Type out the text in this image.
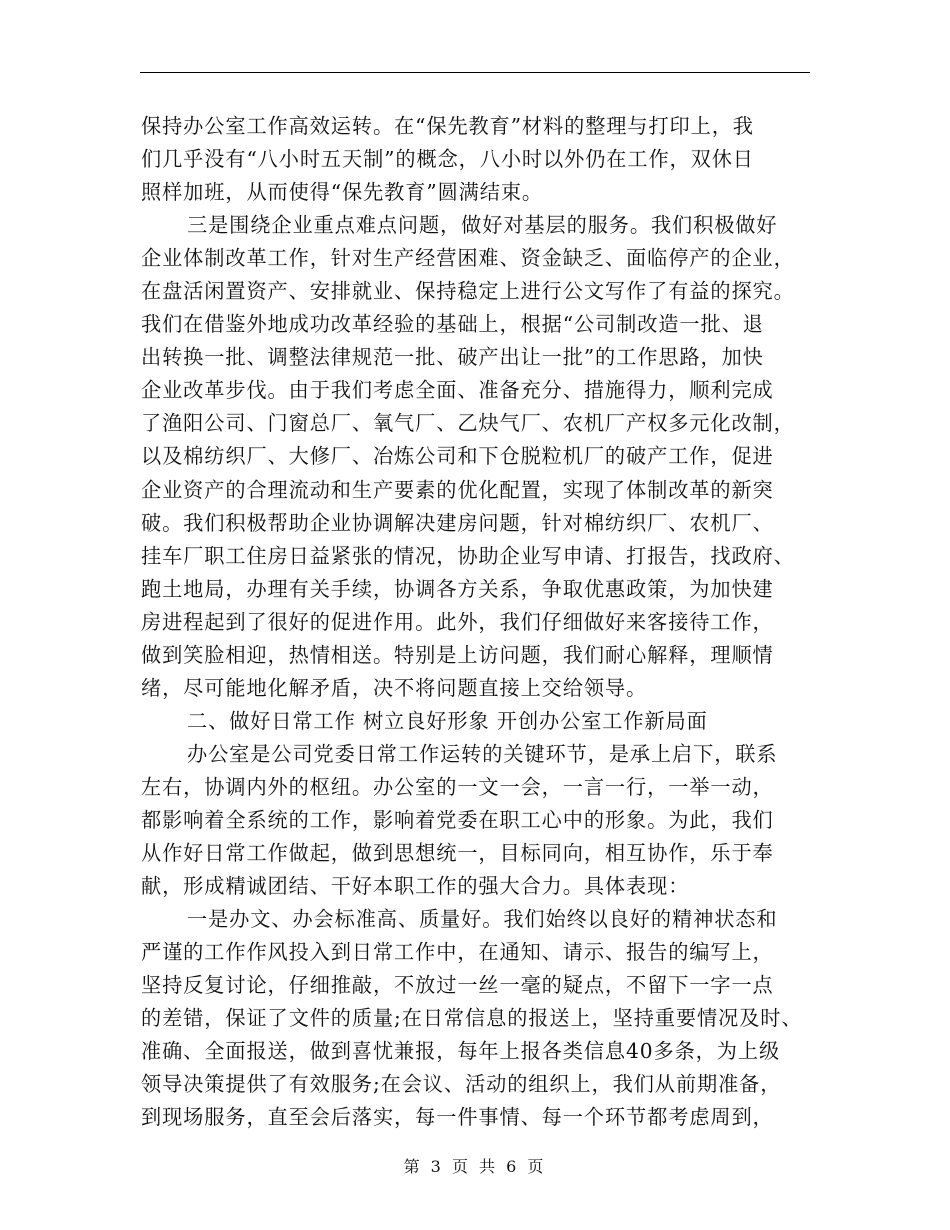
保持办公室工作高效运转。在“保先教育”材料的整理与打印上，我
们几乎没有“八小时五天制”的概念，八小时以外仍在工作，双休日
照样加班，从而使得“保先教育”圆满结束。
三是围绕企业重点难点问题，做好对基层的服务。我们积极做好
企业体制改革工作，针对生产经营困难、资金缺乏、面临停产的企业，
在盘活闲置资产、安排就业、保持稳定上进行公文写作了有益的探究。
我们在借鉴外地成功改革经验的基础上，根据“公司制改造一批、退
出转换一批、调整法律规范一批、破产出让一批”的工作思路，加快
企业改革步伐。由于我们考虑全面、准备充分、措施得力，顺利完成
了渔阳公司、门窗总厂、氧气厂、乙炔气厂、农机厂产权多元化改制，
以及棉纺织厂、大修厂、冶炼公司和下仓脱粒机厂的破产工作，促进
企业资产的合理流动和生产要素的优化配置，实现了体制改革的新突
破。我们积极帮助企业协调解决建房问题，针对棉纺织厂、农机厂、
挂车厂职工住房日益紧张的情况，协助企业写申请、打报告，找政府、
跑土地局，办理有关手续，协调各方关系，争取优惠政策，为加快建
房进程起到了很好的促进作用。此外，我们仔细做好来客接待工作，
做到笑脸相迎，热情相送。特别是上访问题，我们耐心解释，理顺情
绪，尽可能地化解矛盾，决不将问题直接上交给领导。
二、做好日常工作 树立良好形象 开创办公室工作新局面
办公室是公司党委日常工作运转的关键环节，是承上启下，联系
左右，协调内外的枢纽。办公室的一文一会，一言一行，一举一动，
都影响着全系统的工作，影响着党委在职工心中的形象。为此，我们
从作好日常工作做起，做到思想统一，目标同向，相互协作，乐于奉
献，形成精诚团结、干好本职工作的强大合力。具体表现：
一是办文、办会标准高、质量好。我们始终以良好的精神状态和
严谨的工作作风投入到日常工作中，在通知、请示、报告的编写上，
坚持反复讨论，仔细推敲，不放过一丝一毫的疑点，不留下一字一点
的差错，保证了文件的质量;在日常信息的报送上，坚持重要情况及时、
准确、全面报送，做到喜忧兼报，每年上报各类信息40多条，为上级
领导决策提供了有效服务;在会议、活动的组织上，我们从前期准备，
到现场服务，直至会后落实，每一件事情、每一个环节都考虑周到，
第 3 页 共 6 页
